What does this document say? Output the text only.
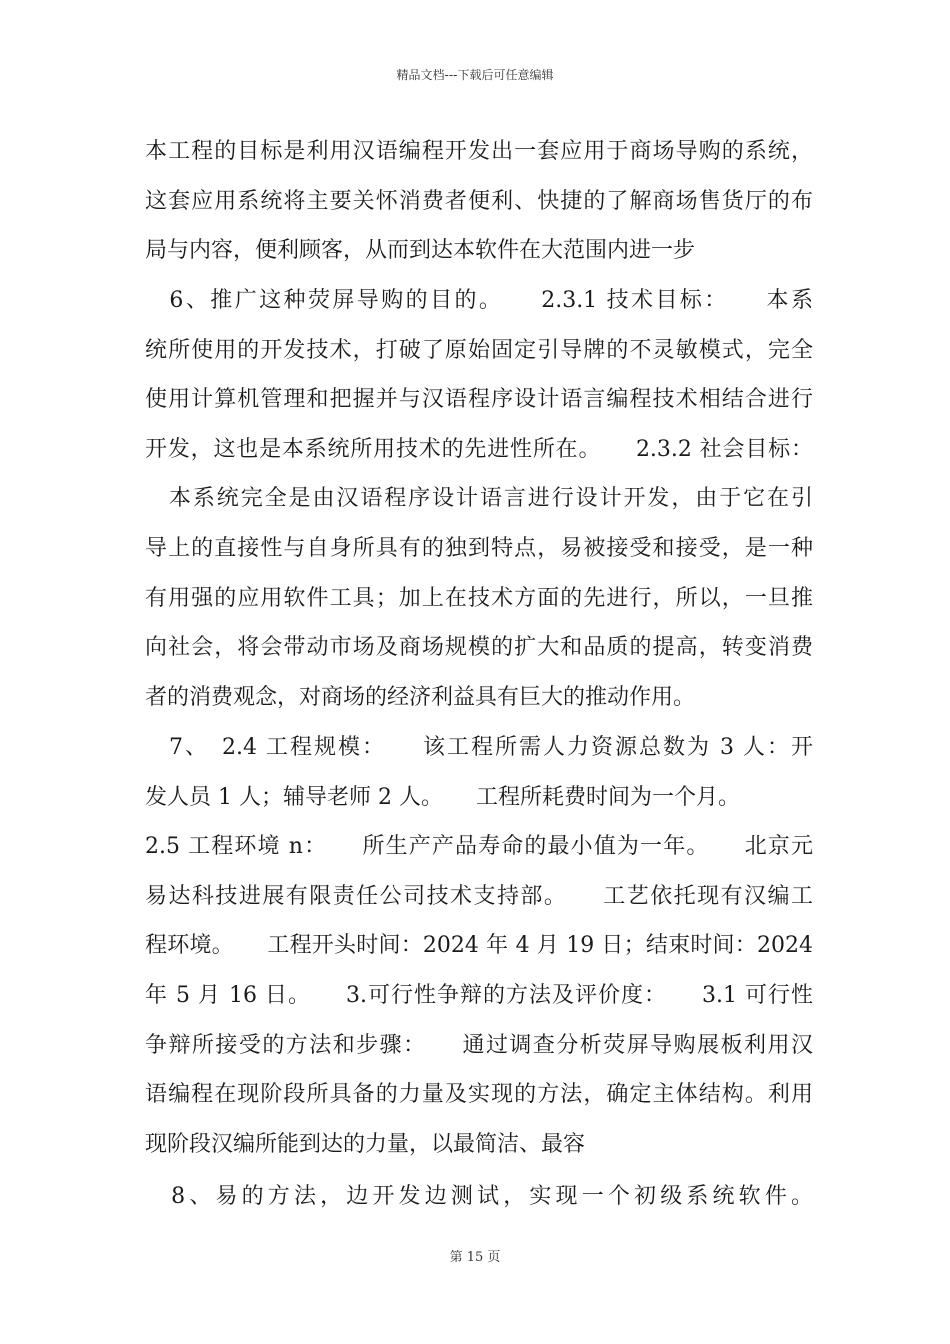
精品文档---下载后可任意编辑
本工程的目标是利用汉语编程开发出一套应用于商场导购的系统，
这套应用系统将主要关怀消费者便利、快捷的了解商场售货厅的布
局与内容，便利顾客，从而到达本软件在大范围内进一步
　6、推广这种荧屏导购的目的。　　2.3.1 技术目标：　　本系
统所使用的开发技术，打破了原始固定引导牌的不灵敏模式，完全
使用计算机管理和把握并与汉语程序设计语言编程技术相结合进行
开发，这也是本系统所用技术的先进性所在。　　2.3.2 社会目标：
　本系统完全是由汉语程序设计语言进行设计开发，由于它在引
导上的直接性与自身所具有的独到特点，易被接受和接受，是一种
有用强的应用软件工具；加上在技术方面的先进行，所以，一旦推
向社会，将会带动市场及商场规模的扩大和品质的提高，转变消费
者的消费观念，对商场的经济利益具有巨大的推动作用。
　7、　2.4 工程规模：　　该工程所需人力资源总数为 3 人：开
发人员 1 人；辅导老师 2 人。　　工程所耗费时间为一个月。
2.5 工程环境 n：　　所生产产品寿命的最小值为一年。　　北京元
易达科技进展有限责任公司技术支持部。　　工艺依托现有汉编工
程环境。　　工程开头时间：2024 年 4 月 19 日；结束时间：2024
年 5 月 16 日。　　3.可行性争辩的方法及评价度：　　3.1 可行性
争辩所接受的方法和步骤：　　通过调查分析荧屏导购展板利用汉
语编程在现阶段所具备的力量及实现的方法，确定主体结构。利用
现阶段汉编所能到达的力量，以最简洁、最容
　8、易的方法，边开发边测试，实现一个初级系统软件。
第 15 页
